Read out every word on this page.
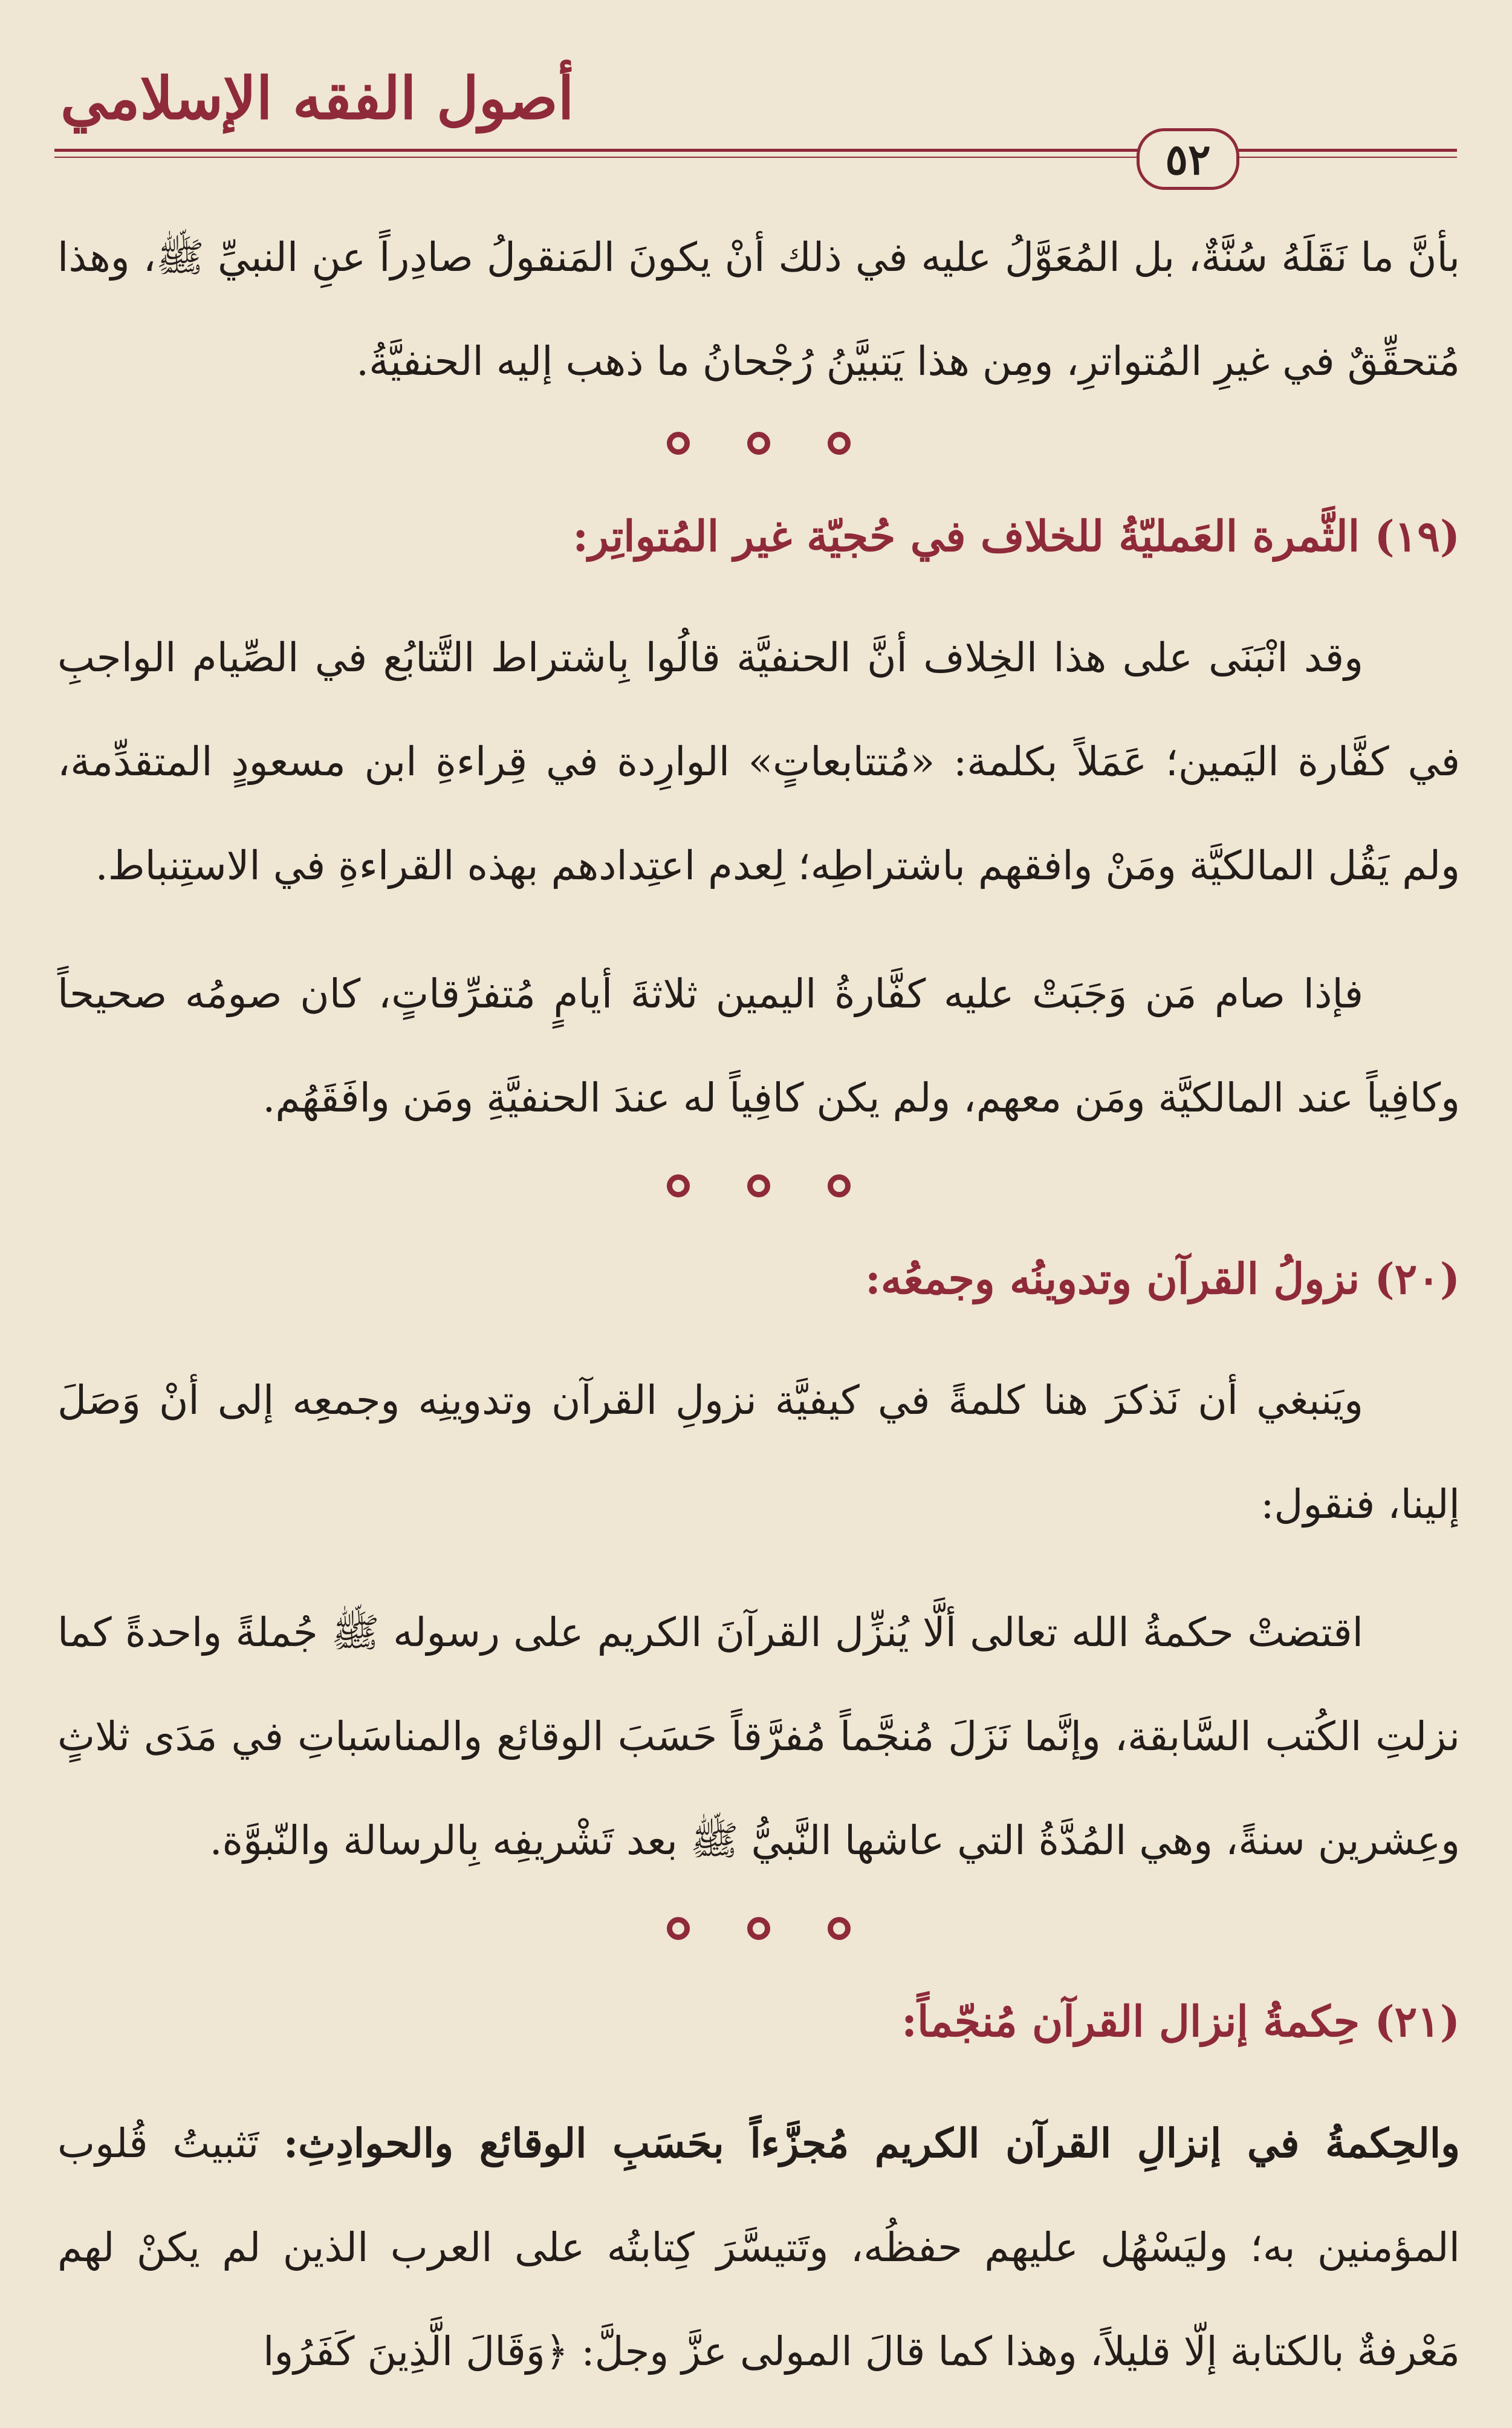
أصول الفقه الإسلامي
٥٢

بأنَّ ما نَقَلَهُ سُنَّةٌ، بل المُعَوَّلُ عليه في ذلك أنْ يكونَ المَنقولُ صادِراً عنِ النبيِّ ﷺ، وهذا مُتحقِّقٌ في غيرِ المُتواترِ، ومِن هذا يَتبيَّنُ رُجْحانُ ما ذهب إليه الحنفيَّةُ.

(١٩) الثَّمرة العَمليّةُ للخلاف في حُجيّة غير المُتواتِر:

وقد انْبَنَى على هذا الخِلاف أنَّ الحنفيَّة قالُوا بِاشتراط التَّتابُع في الصِّيام الواجبِ في كفَّارة اليَمين؛ عَمَلاً بكلمة: «مُتتابعاتٍ» الوارِدة في قِراءةِ ابن مسعودٍ المتقدِّمة، ولم يَقُل المالكيَّة ومَنْ وافقهم باشتراطِه؛ لِعدم اعتِدادهم بهذه القراءةِ في الاستِنباط.

فإذا صام مَن وَجَبَتْ عليه كفَّارةُ اليمين ثلاثةَ أيامٍ مُتفرِّقاتٍ، كان صومُه صحيحاً وكافِياً عند المالكيَّة ومَن معهم، ولم يكن كافِياً له عندَ الحنفيَّةِ ومَن وافَقَهُم.

(٢٠) نزولُ القرآن وتدوينُه وجمعُه:

ويَنبغي أن نَذكرَ هنا كلمةً في كيفيَّة نزولِ القرآن وتدوينِه وجمعِه إلى أنْ وَصَلَ إلينا، فنقول:

اقتضتْ حكمةُ الله تعالى ألَّا يُنزِّل القرآنَ الكريم على رسوله ﷺ جُملةً واحدةً كما نزلتِ الكُتب السَّابقة، وإنَّما نَزَلَ مُنجَّماً مُفرَّقاً حَسَبَ الوقائع والمناسَباتِ في مَدَى ثلاثٍ وعِشرين سنةً، وهي المُدَّةُ التي عاشها النَّبيُّ ﷺ بعد تَشْريفِه بِالرسالة والنّبوَّة.

(٢١) حِكمةُ إنزال القرآن مُنجّماً:

والحِكمةُ في إنزالِ القرآن الكريم مُجزَّءاً بحَسَبِ الوقائع والحوادِثِ: تَثبيتُ قُلوب المؤمنين به؛ وليَسْهُل عليهم حفظُه، وتَتيسَّرَ كِتابتُه على العرب الذين لم يكنْ لهم مَعْرفةٌ بالكتابة إلّا قليلاً، وهذا كما قالَ المولى عزَّ وجلَّ: ﴿وَقَالَ الَّذِينَ كَفَرُوا
